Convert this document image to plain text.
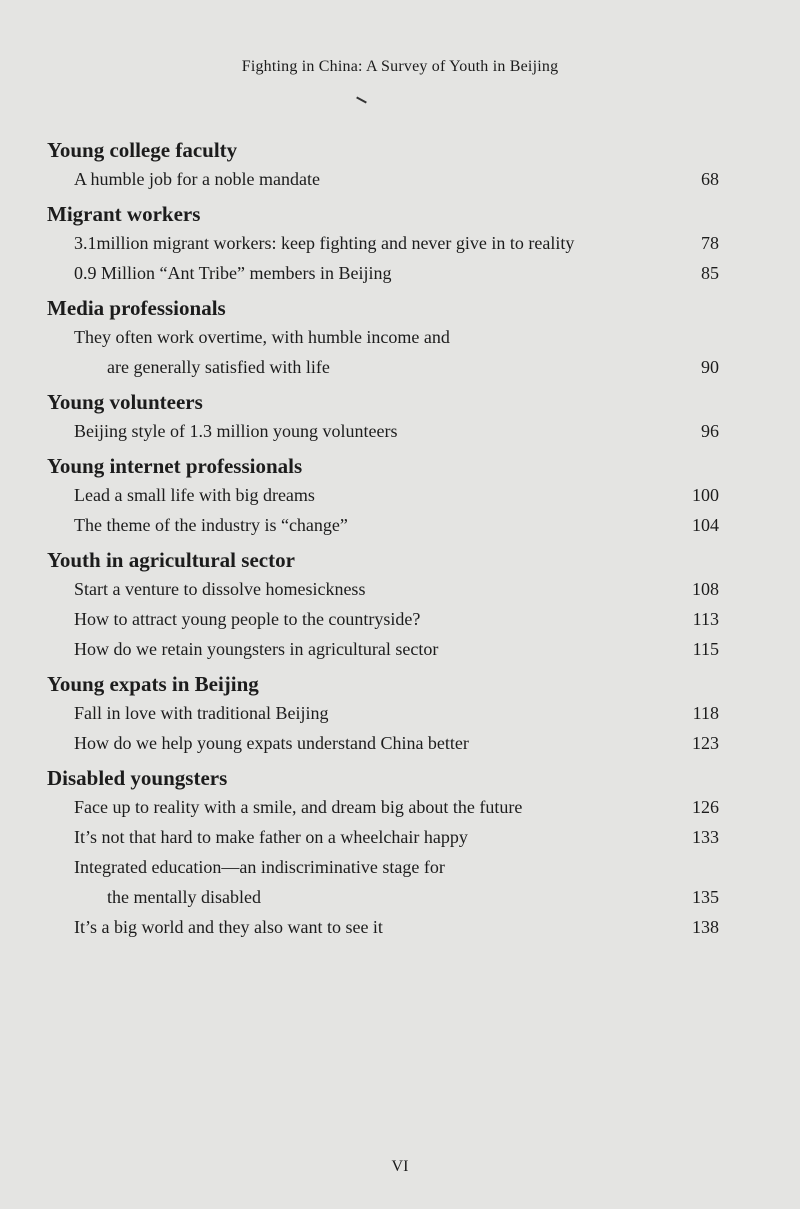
Fighting in China: A Survey of Youth in Beijing
Young college faculty
A humble job for a noble mandate	68
Migrant workers
3.1million migrant workers: keep fighting and never give in to reality	78
0.9 Million “Ant Tribe” members in Beijing	85
Media professionals
They often work overtime, with humble income and
are generally satisfied with life	90
Young volunteers
Beijing style of 1.3 million young volunteers	96
Young internet professionals
Lead a small life with big dreams	100
The theme of the industry is “change”	104
Youth in agricultural sector
Start a venture to dissolve homesickness	108
How to attract young people to the countryside?	113
How do we retain youngsters in agricultural sector	115
Young expats in Beijing
Fall in love with traditional Beijing	118
How do we help young expats understand China better	123
Disabled youngsters
Face up to reality with a smile, and dream big about the future	126
It’s not that hard to make father on a wheelchair happy	133
Integrated education—an indiscriminative stage for
the mentally disabled	135
It’s a big world and they also want to see it	138
VI
